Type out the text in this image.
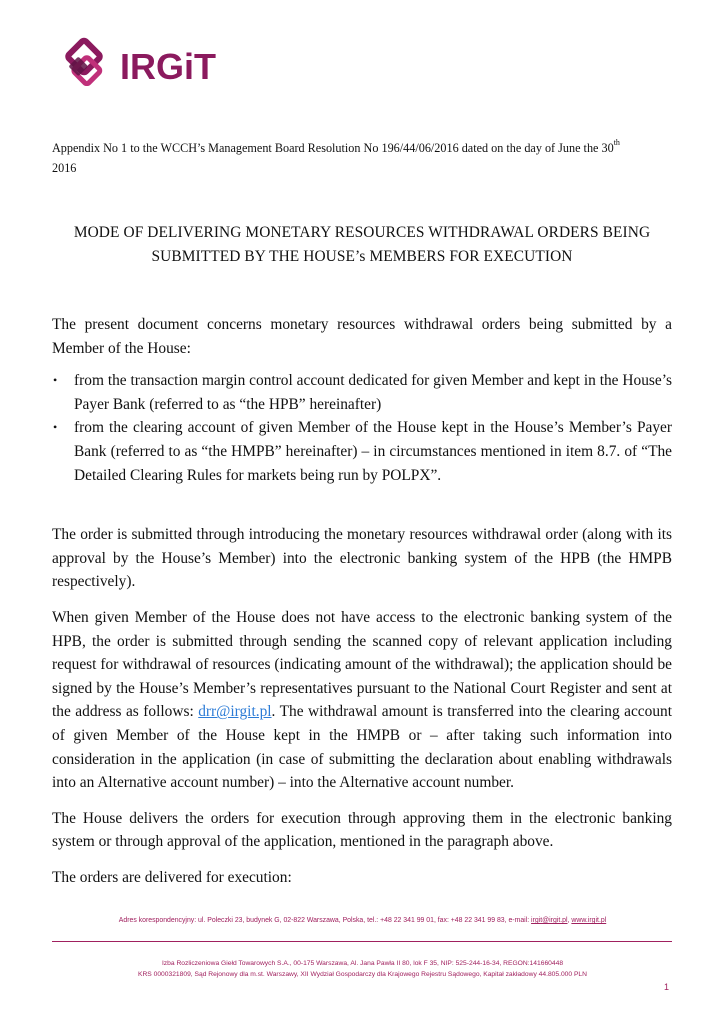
IRGiT
Appendix No 1 to the WCCH’s Management Board Resolution No 196/44/06/2016 dated on the day of June the 30th
2016
MODE OF DELIVERING MONETARY RESOURCES WITHDRAWAL ORDERS BEING
SUBMITTED BY THE HOUSE’s MEMBERS FOR EXECUTION

The present document concerns monetary resources withdrawal orders being submitted by a Member of the House:

• from the transaction margin control account dedicated for given Member and kept in the House’s Payer Bank (referred to as “the HPB” hereinafter)
• from the clearing account of given Member of the House kept in the House’s Member’s Payer Bank (referred to as “the HMPB” hereinafter) – in circumstances mentioned in item 8.7. of “The Detailed Clearing Rules for markets being run by POLPX”.

The order is submitted through introducing the monetary resources withdrawal order (along with its approval by the House’s Member) into the electronic banking system of the HPB (the HMPB respectively).

When given Member of the House does not have access to the electronic banking system of the HPB, the order is submitted through sending the scanned copy of relevant application including request for withdrawal of resources (indicating amount of the withdrawal); the application should be signed by the House’s Member’s representatives pursuant to the National Court Register and sent at the address as follows: drr@irgit.pl. The withdrawal amount is transferred into the clearing account of given Member of the House kept in the HMPB or – after taking such information into consideration in the application (in case of submitting the declaration about enabling withdrawals into an Alternative account number) – into the Alternative account number.

The House delivers the orders for execution through approving them in the electronic banking system or through approval of the application, mentioned in the paragraph above.

The orders are delivered for execution:

Adres korespondencyjny: ul. Poleczki 23, budynek G, 02-822 Warszawa, Polska, tel.: +48 22 341 99 01, fax: +48 22 341 99 83, e-mail: irgit@irgit.pl, www.irgit.pl
Izba Rozliczeniowa Giełd Towarowych S.A., 00-175 Warszawa, Al. Jana Pawła II 80, lok F 35, NIP: 525-244-16-34, REGON:141660448
KRS 0000321809, Sąd Rejonowy dla m.st. Warszawy, XII Wydział Gospodarczy dla Krajowego Rejestru Sądowego, Kapitał zakładowy 44.805.000 PLN
1
